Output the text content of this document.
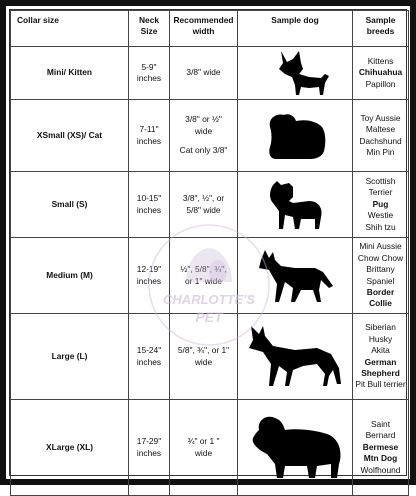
Collar size	Neck Size	Recommended width	Sample dog	Sample breeds
Mini/ Kitten	5-9" inches	3/8" wide		Kittens
Chihuahua
Papillon

XSmall (XS)/ Cat	7-11" inches	3/8" or ½"
wide
Cat only 3/8"		Toy Aussie
Maltese
Dachshund
Min Pin

Small (S)	10-15" inches	3/8", ½", or
5/8" wide		Scottish Terrier
Pug
Westie
Shih tzu

Medium (M)	12-19" inches	½", 5/8", ¾",
or 1" wide		Mini Aussie
Chow Chow
Brittany Spaniel
Border Collie

Large (L)	15-24" inches	5/8", ¾", or 1"
wide		Siberian Husky
Akita
German Shepherd
Pit Bull terrier

XLarge (XL)	17-29" inches	¾" or 1 "
wide		Saint Bernard
Bermese Mtn Dog
Wolfhound
CHARLOTTE'S
PET
